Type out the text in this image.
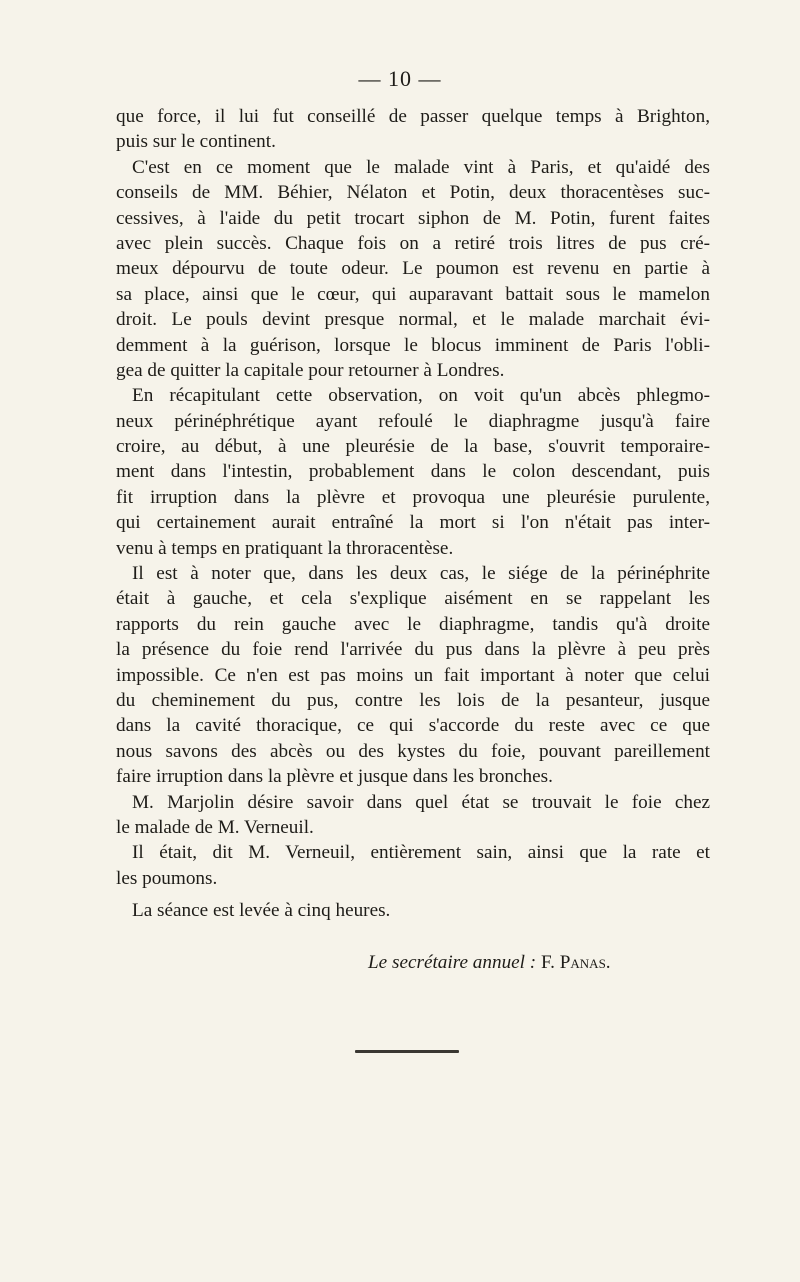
— 10 —
que force, il lui fut conseillé de passer quelque temps à Brighton,
puis sur le continent.
C'est en ce moment que le malade vint à Paris, et qu'aidé des
conseils de MM. Béhier, Nélaton et Potin, deux thoracentèses suc-
cessives, à l'aide du petit trocart siphon de M. Potin, furent faites
avec plein succès. Chaque fois on a retiré trois litres de pus cré-
meux dépourvu de toute odeur. Le poumon est revenu en partie à
sa place, ainsi que le cœur, qui auparavant battait sous le mamelon
droit. Le pouls devint presque normal, et le malade marchait évi-
demment à la guérison, lorsque le blocus imminent de Paris l'obli-
gea de quitter la capitale pour retourner à Londres.
En récapitulant cette observation, on voit qu'un abcès phlegmo-
neux périnéphrétique ayant refoulé le diaphragme jusqu'à faire
croire, au début, à une pleurésie de la base, s'ouvrit temporaire-
ment dans l'intestin, probablement dans le colon descendant, puis
fit irruption dans la plèvre et provoqua une pleurésie purulente,
qui certainement aurait entraîné la mort si l'on n'était pas inter-
venu à temps en pratiquant la throracentèse.
Il est à noter que, dans les deux cas, le siége de la périnéphrite
était à gauche, et cela s'explique aisément en se rappelant les
rapports du rein gauche avec le diaphragme, tandis qu'à droite
la présence du foie rend l'arrivée du pus dans la plèvre à peu près
impossible. Ce n'en est pas moins un fait important à noter que celui
du cheminement du pus, contre les lois de la pesanteur, jusque
dans la cavité thoracique, ce qui s'accorde du reste avec ce que
nous savons des abcès ou des kystes du foie, pouvant pareillement
faire irruption dans la plèvre et jusque dans les bronches.
M. Marjolin désire savoir dans quel état se trouvait le foie chez
le malade de M. Verneuil.
Il était, dit M. Verneuil, entièrement sain, ainsi que la rate et
les poumons.
La séance est levée à cinq heures.
Le secrétaire annuel : F. Panas.
